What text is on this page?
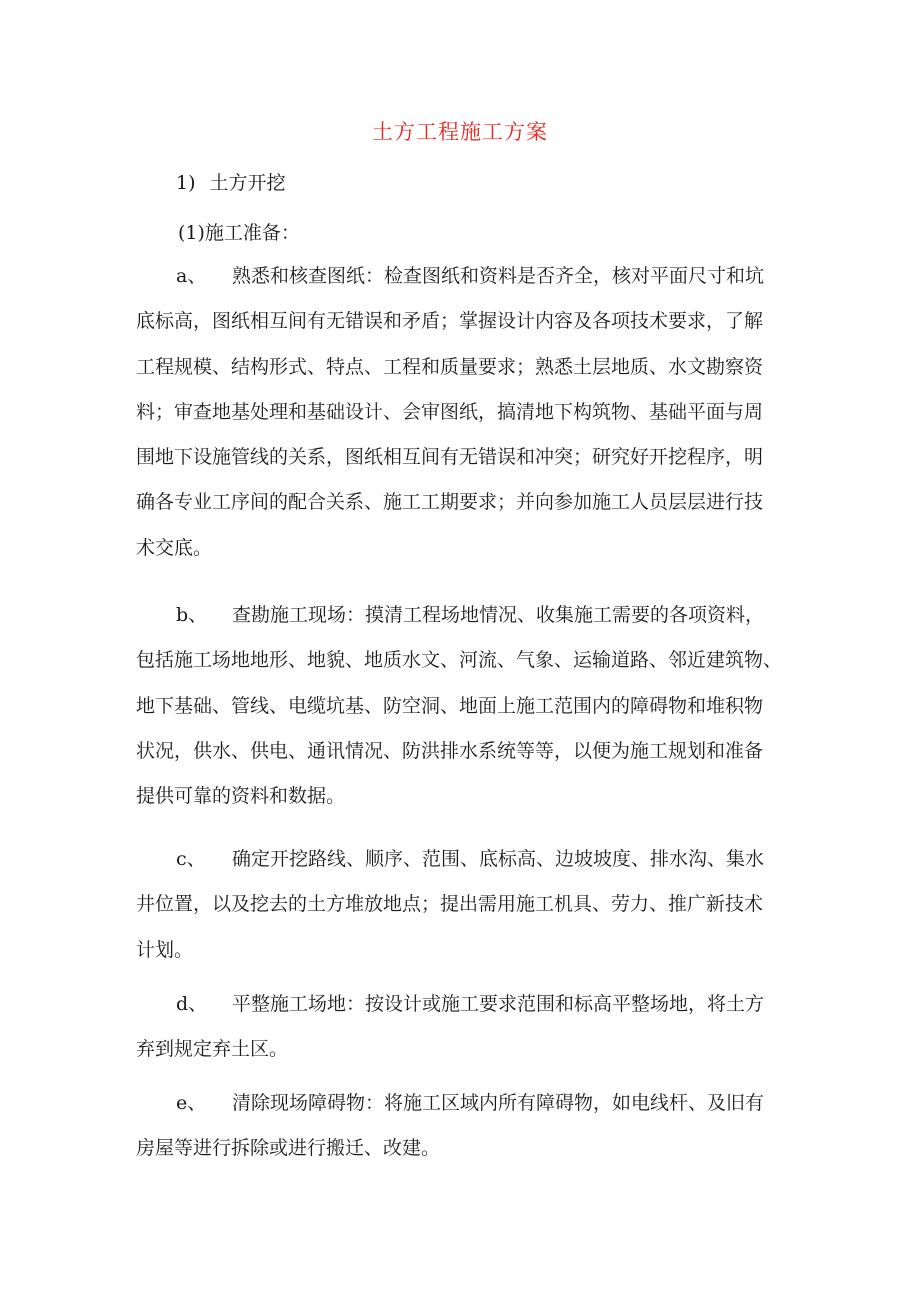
土方工程施工方案

1) 土方开挖

(1)施工准备：

a、 熟悉和核查图纸：检查图纸和资料是否齐全，核对平面尺寸和坑
底标高，图纸相互间有无错误和矛盾；掌握设计内容及各项技术要求，了解
工程规模、结构形式、特点、工程和质量要求；熟悉土层地质、水文勘察资
料；审查地基处理和基础设计、会审图纸，搞清地下构筑物、基础平面与周
围地下设施管线的关系，图纸相互间有无错误和冲突；研究好开挖程序，明
确各专业工序间的配合关系、施工工期要求；并向参加施工人员层层进行技
术交底。
b、 查勘施工现场：摸清工程场地情况、收集施工需要的各项资料，
包括施工场地地形、地貌、地质水文、河流、气象、运输道路、邻近建筑物、
地下基础、管线、电缆坑基、防空洞、地面上施工范围内的障碍物和堆积物
状况，供水、供电、通讯情况、防洪排水系统等等，以便为施工规划和准备
提供可靠的资料和数据。
c、 确定开挖路线、顺序、范围、底标高、边坡坡度、排水沟、集水
井位置，以及挖去的土方堆放地点；提出需用施工机具、劳力、推广新技术
计划。
d、 平整施工场地：按设计或施工要求范围和标高平整场地，将土方
弃到规定弃土区。
e、 清除现场障碍物：将施工区域内所有障碍物，如电线杆、及旧有
房屋等进行拆除或进行搬迁、改建。
